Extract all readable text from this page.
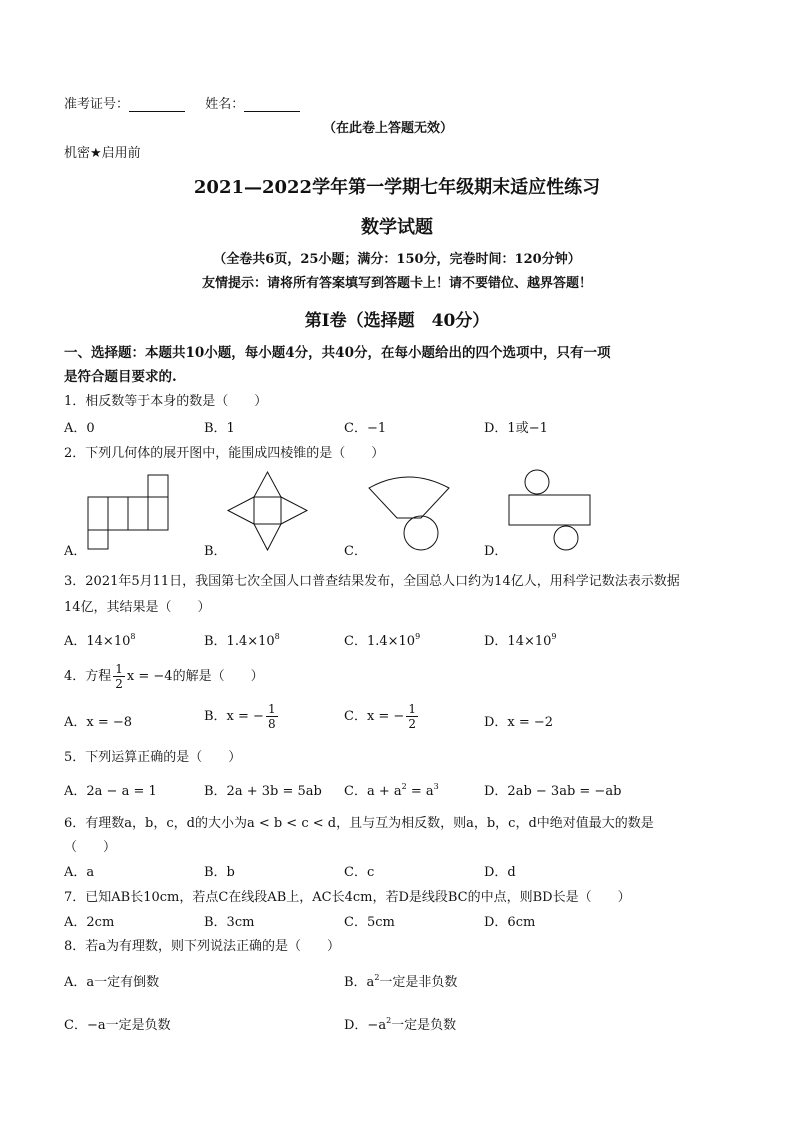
准考证号：	姓名：
（在此卷上答题无效）
机密★启用前
2021—2022学年第一学期七年级期末适应性练习
数学试题
（全卷共6页，25小题；满分：150分，完卷时间：120分钟）
友情提示：请将所有答案填写到答题卡上！请不要错位、越界答题！
第Ⅰ卷（选择题　40分）
一、选择题：本题共10小题，每小题4分，共40分，在每小题给出的四个选项中，只有一项
是符合题目要求的.
1．相反数等于本身的数是（　　）
A．0	B．1	C．−1	D．1或−1
2．下列几何体的展开图中，能围成四棱锥的是（　　）
A．	B．	C．	D．
3．2021年5月11日，我国第七次全国人口普查结果发布，全国总人口约为14亿人，用科学记数法表示数据
14亿，其结果是（　　）
A．$14\times 10^8$	B．$1.4\times 10^8$	C．$1.4\times 10^9$	D．$14\times 10^9$
4．方程 $\frac{1}{2}$ x = −4的解是（　　）
A．x = −8	B．x = − $\frac{1}{8}$	C．x = − $\frac{1}{2}$	D．x = −2
5．下列运算正确的是（　　）
A．2a − a = 1	B．2a + 3b = 5ab C．$a + a^2 = a^3$	D．2ab − 3ab = −ab
6．有理数a，b，c，d的大小为a < b < c < d，且与互为相反数，则a，b，c，d中绝对值最大的数是
（　　）
A．a	B．b	C．c	D．d
7．已知AB长10cm，若点C在线段AB上，AC长4cm，若D是线段BC的中点，则BD长是（　　）
A．2cm	B．3cm	C．5cm	D．6cm
8．若a为有理数，则下列说法正确的是（　　）
A．a一定有倒数	B．$a^2$一定是非负数
C．−a一定是负数	D．$-a^2$一定是负数
